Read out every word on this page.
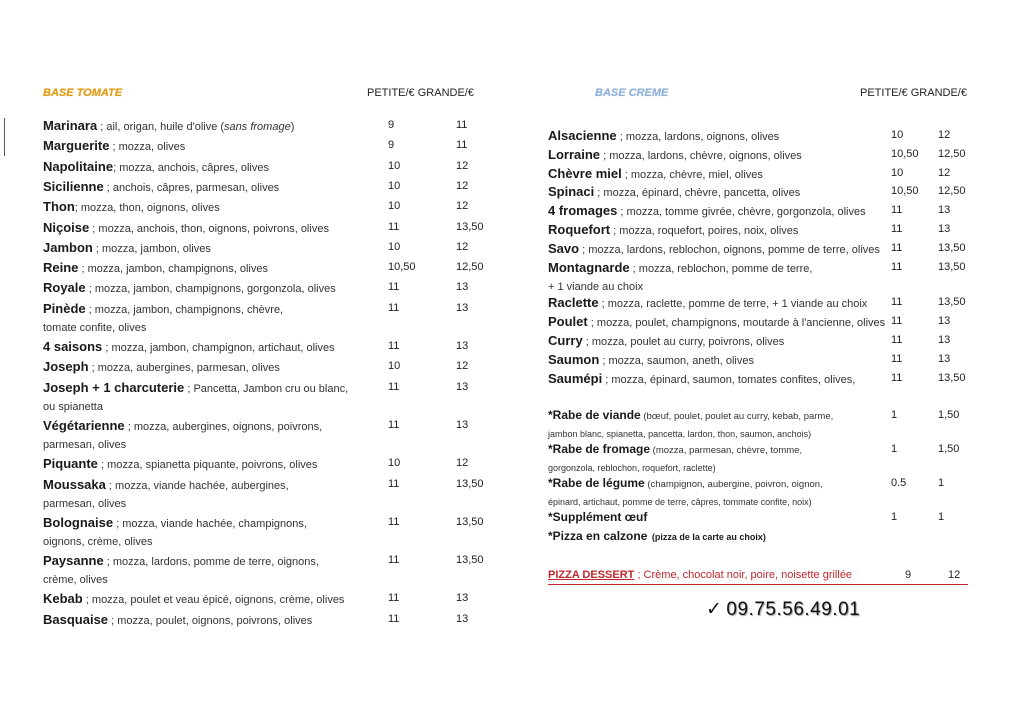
BASE TOMATE	PETITE/€ GRANDE/€
Marinara ; ail, origan, huile d'olive (sans fromage)	9	11
Marguerite ; mozza, olives	9	11
Napolitaine; mozza, anchois, câpres, olives	10	12
Sicilienne ; anchois, câpres, parmesan, olives	10	12
Thon; mozza, thon, oignons, olives	10	12
Niçoise ; mozza, anchois, thon, oignons, poivrons, olives	11	13,50
Jambon ; mozza, jambon, olives	10	12
Reine ; mozza, jambon, champignons, olives	10,50	12,50
Royale ; mozza, jambon, champignons, gorgonzola, olives	11	13
Pinède ; mozza, jambon, champignons, chèvre,	11	13
tomate confite, olives
4 saisons ; mozza, jambon, champignon, artichaut, olives	11	13
Joseph ; mozza, aubergines, parmesan, olives	10	12
Joseph + 1 charcuterie ; Pancetta, Jambon cru ou blanc,	11	13
ou spianetta
Végétarienne ; mozza, aubergines, oignons, poivrons,	11	13
parmesan, olives
Piquante ; mozza, spianetta piquante, poivrons, olives	10	12
Moussaka ; mozza, viande hachée, aubergines,	11	13,50
parmesan, olives
Bolognaise ; mozza, viande hachée, champignons,	11	13,50
oignons, crème, olives
Paysanne ; mozza, lardons, pomme de terre, oignons,	11	13,50
crème, olives
Kebab ; mozza, poulet et veau épicé, oignons, crème, olives	11	13
Basquaise ; mozza, poulet, oignons, poivrons, olives	11	13
BASE CREME	PETITE/€ GRANDE/€
Alsacienne ; mozza, lardons, oignons, olives	10	12
Lorraine ; mozza, lardons, chèvre, oignons, olives	10,50 12,50
Chèvre miel ; mozza, chèvre, miel, olives	10	12
Spinaci ; mozza, épinard, chèvre, pancetta, olives	10,50 12,50
4 fromages ; mozza, tomme givrée, chèvre, gorgonzola, olives 11	13
Roquefort ; mozza, roquefort, poires, noix, olives	11	13
Savo ; mozza, lardons, reblochon, oignons, pomme de terre, olives 11	13,50
Montagnarde ; mozza, reblochon, pomme de terre,	11	13,50
+ 1 viande au choix
Raclette ; mozza, raclette, pomme de terre, + 1 viande au choix 11	13,50
Poulet ; mozza, poulet, champignons, moutarde à l'ancienne, olives 11	13
Curry ; mozza, poulet au curry, poivrons, olives	11	13
Saumon ; mozza, saumon, aneth, olives	11	13
Saumépi ; mozza, épinard, saumon, tomates confites, olives,	11	13,50
*Rabe de viande (bœuf, poulet, poulet au curry, kebab, parme,	1	1,50
jambon blanc, spianetta, pancetta, lardon, thon, saumon, anchois)
*Rabe de fromage (mozza, parmesan, chèvre, tomme,	1	1,50
gorgonzola, reblochon, roquefort, raclette)
*Rabe de légume (champignon, aubergine, poivron, oignon,	0.5	1
épinard, artichaut, pomme de terre, câpres, tommate confite, noix)
*Supplément œuf	1	1
*Pizza en calzone (pizza de la carte au choix)
PIZZA DESSERT ; Crème, chocolat noir, poire, noisette grillée	9	12
✓ 09.75.56.49.01
